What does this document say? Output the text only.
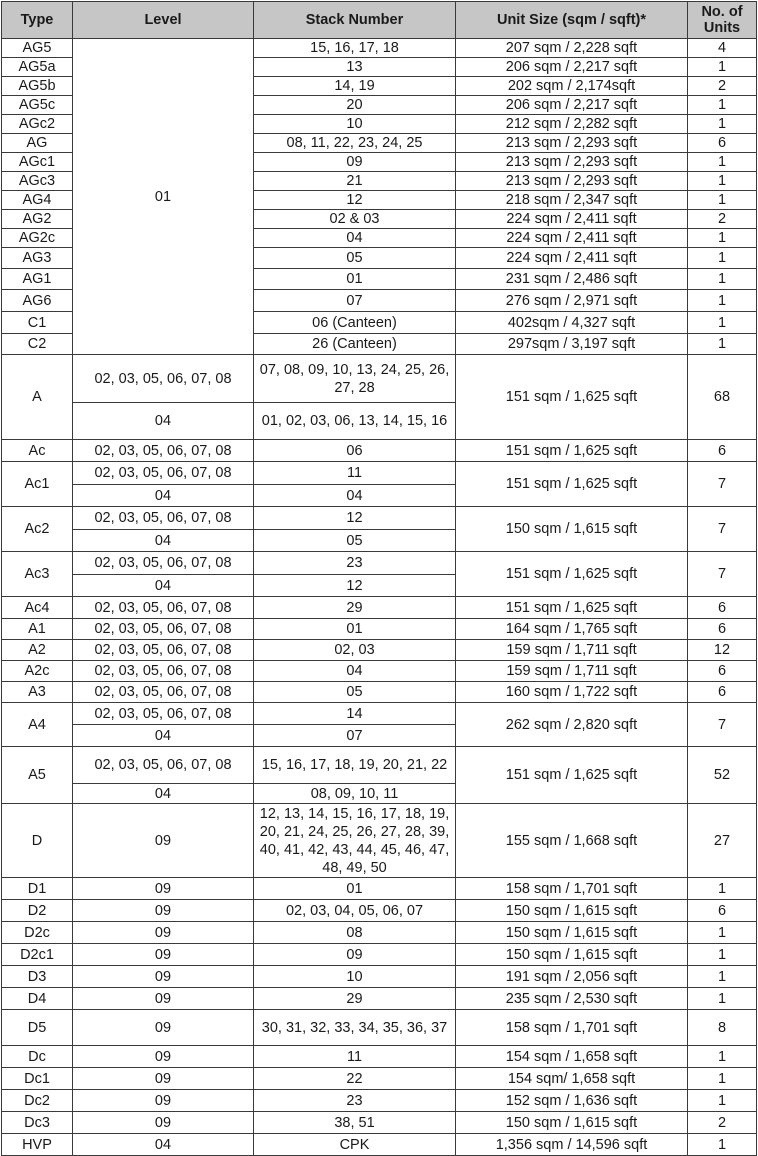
Type	Level	Stack Number	Unit Size (sqm / sqft)*	No. of Units
AG5	01	15, 16, 17, 18	207 sqm / 2,228 sqft	4
AG5a		13	206 sqm / 2,217 sqft	1
AG5b		14, 19	202 sqm / 2,174sqft	2
AG5c		20	206 sqm / 2,217 sqft	1
AGc2		10	212 sqm / 2,282 sqft	1
AG		08, 11, 22, 23, 24, 25	213 sqm / 2,293 sqft	6
AGc1		09	213 sqm / 2,293 sqft	1
AGc3		21	213 sqm / 2,293 sqft	1
AG4		12	218 sqm / 2,347 sqft	1
AG2		02 & 03	224 sqm / 2,411 sqft	2
AG2c		04	224 sqm / 2,411 sqft	1
AG3		05	224 sqm / 2,411 sqft	1
AG1		01	231 sqm / 2,486 sqft	1
AG6		07	276 sqm / 2,971 sqft	1
C1		06 (Canteen)	402sqm / 4,327 sqft	1
C2		26 (Canteen)	297sqm / 3,197 sqft	1
A	02, 03, 05, 06, 07, 08	07, 08, 09, 10, 13, 24, 25, 26, 27, 28	151 sqm / 1,625 sqft	68
	04	01, 02, 03, 06, 13, 14, 15, 16		
Ac	02, 03, 05, 06, 07, 08	06	151 sqm / 1,625 sqft	6
Ac1	02, 03, 05, 06, 07, 08	11	151 sqm / 1,625 sqft	7
	04	04		
Ac2	02, 03, 05, 06, 07, 08	12	150 sqm / 1,615 sqft	7
	04	05		
Ac3	02, 03, 05, 06, 07, 08	23	151 sqm / 1,625 sqft	7
	04	12		
Ac4	02, 03, 05, 06, 07, 08	29	151 sqm / 1,625 sqft	6
A1	02, 03, 05, 06, 07, 08	01	164 sqm / 1,765 sqft	6
A2	02, 03, 05, 06, 07, 08	02, 03	159 sqm / 1,711 sqft	12
A2c	02, 03, 05, 06, 07, 08	04	159 sqm / 1,711 sqft	6
A3	02, 03, 05, 06, 07, 08	05	160 sqm / 1,722 sqft	6
A4	02, 03, 05, 06, 07, 08	14	262 sqm / 2,820 sqft	7
	04	07		
A5	02, 03, 05, 06, 07, 08	15, 16, 17, 18, 19, 20, 21, 22	151 sqm / 1,625 sqft	52
	04	08, 09, 10, 11		
D	09	12, 13, 14, 15, 16, 17, 18, 19, 20, 21, 24, 25, 26, 27, 28, 39, 40, 41, 42, 43, 44, 45, 46, 47, 48, 49, 50	155 sqm / 1,668 sqft	27
D1	09	01	158 sqm / 1,701 sqft	1
D2	09	02, 03, 04, 05, 06, 07	150 sqm / 1,615 sqft	6
D2c	09	08	150 sqm / 1,615 sqft	1
D2c1	09	09	150 sqm / 1,615 sqft	1
D3	09	10	191 sqm / 2,056 sqft	1
D4	09	29	235 sqm / 2,530 sqft	1
D5	09	30, 31, 32, 33, 34, 35, 36, 37	158 sqm / 1,701 sqft	8
Dc	09	11	154 sqm / 1,658 sqft	1
Dc1	09	22	154 sqm/ 1,658 sqft	1
Dc2	09	23	152 sqm / 1,636 sqft	1
Dc3	09	38, 51	150 sqm / 1,615 sqft	2
HVP	04	CPK	1,356 sqm / 14,596 sqft	1
